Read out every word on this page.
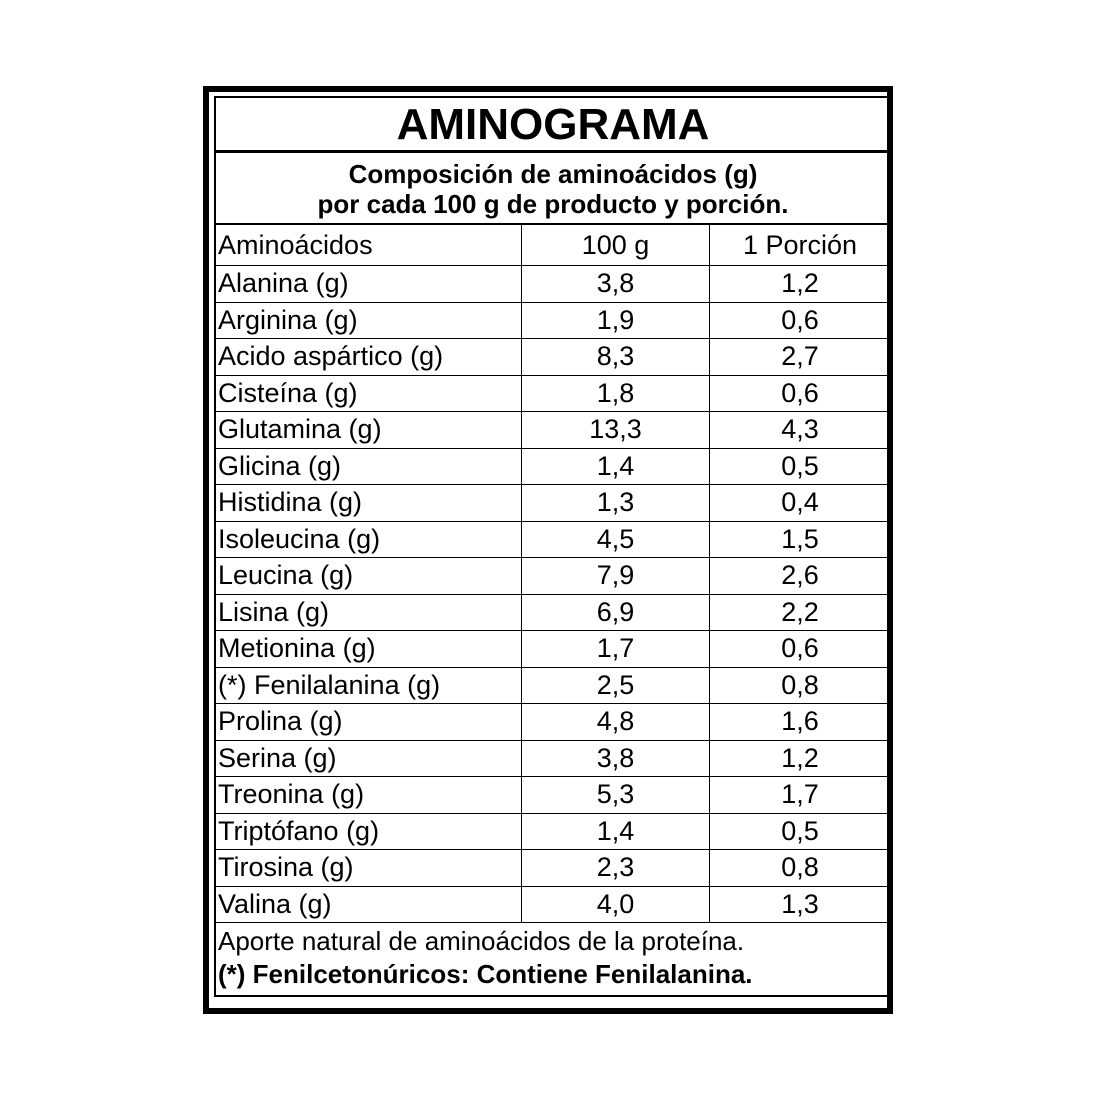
AMINOGRAMA
Composición de aminoácidos (g)
por cada 100 g de producto y porción.
Aminoácidos	100 g	1 Porción
Alanina (g)	3,8	1,2
Arginina (g)	1,9	0,6
Acido aspártico (g)	8,3	2,7
Cisteína (g)	1,8	0,6
Glutamina (g)	13,3	4,3
Glicina (g)	1,4	0,5
Histidina (g)	1,3	0,4
Isoleucina (g)	4,5	1,5
Leucina (g)	7,9	2,6
Lisina (g)	6,9	2,2
Metionina (g)	1,7	0,6
(*) Fenilalanina (g)	2,5	0,8
Prolina (g)	4,8	1,6
Serina (g)	3,8	1,2
Treonina (g)	5,3	1,7
Triptófano (g)	1,4	0,5
Tirosina (g)	2,3	0,8
Valina (g)	4,0	1,3
Aporte natural de aminoácidos de la proteína.
(*) Fenilcetonúricos: Contiene Fenilalanina.
